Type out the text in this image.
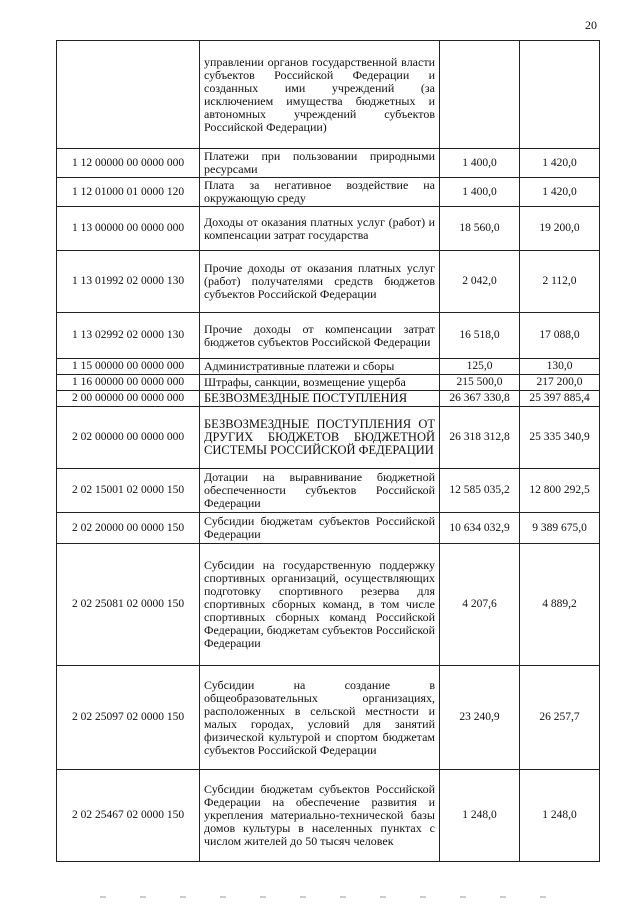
20
	управлении органов государственной власти субъектов Российской Федерации и созданных ими учреждений (за исключением имущества бюджетных и автономных учреждений субъектов Российской Федерации)		
1 12 00000 00 0000 000	Платежи при пользовании природными ресурсами	1 400,0	1 420,0
1 12 01000 01 0000 120	Плата за негативное воздействие на окружающую среду	1 400,0	1 420,0
1 13 00000 00 0000 000	Доходы от оказания платных услуг (работ) и компенсации затрат государства	18 560,0	19 200,0
1 13 01992 02 0000 130	Прочие доходы от оказания платных услуг (работ) получателями средств бюджетов субъектов Российской Федерации	2 042,0	2 112,0
1 13 02992 02 0000 130	Прочие доходы от компенсации затрат бюджетов субъектов Российской Федерации	16 518,0	17 088,0
1 15 00000 00 0000 000	Административные платежи и сборы	125,0	130,0
1 16 00000 00 0000 000	Штрафы, санкции, возмещение ущерба	215 500,0	217 200,0
2 00 00000 00 0000 000	БЕЗВОЗМЕЗДНЫЕ ПОСТУПЛЕНИЯ	26 367 330,8	25 397 885,4
2 02 00000 00 0000 000	БЕЗВОЗМЕЗДНЫЕ ПОСТУПЛЕНИЯ ОТ ДРУГИХ БЮДЖЕТОВ БЮДЖЕТНОЙ СИСТЕМЫ РОССИЙСКОЙ ФЕДЕРАЦИИ	26 318 312,8	25 335 340,9
2 02 15001 02 0000 150	Дотации на выравнивание бюджетной обеспеченности субъектов Российской Федерации	12 585 035,2	12 800 292,5
2 02 20000 00 0000 150	Субсидии бюджетам субъектов Российской Федерации	10 634 032,9	9 389 675,0
2 02 25081 02 0000 150	Субсидии на государственную поддержку спортивных организаций, осуществляющих подготовку спортивного резерва для спортивных сборных команд, в том числе спортивных сборных команд Российской Федерации, бюджетам субъектов Российской Федерации	4 207,6	4 889,2
2 02 25097 02 0000 150	Субсидии на создание в общеобразовательных организациях, расположенных в сельской местности и малых городах, условий для занятий физической культурой и спортом бюджетам субъектов Российской Федерации	23 240,9	26 257,7
2 02 25467 02 0000 150	Субсидии бюджетам субъектов Российской Федерации на обеспечение развития и укрепления материально-технической базы домов культуры в населенных пунктах с числом жителей до 50 тысяч человек	1 248,0	1 248,0
